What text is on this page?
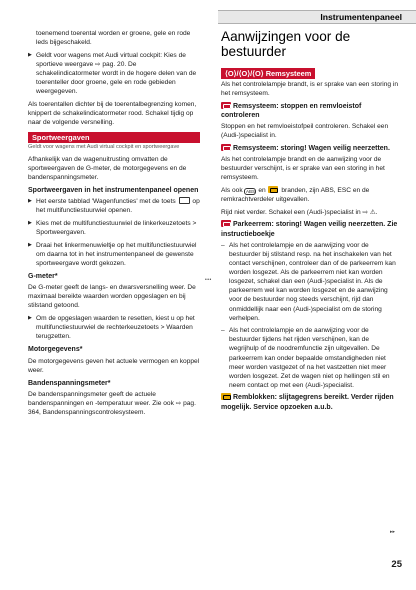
Instrumentenpaneel

toenemend toerental worden er groene, gele en rode leds bijgeschakeld.

▶ Geldt voor wagens met Audi virtual cockpit: Kies de sportieve weergave ⇨ pag. 20. De schakelindicatormeter wordt in de hogere delen van de toerenteller door groene, gele en rode gebieden weergegeven.

Als toerentallen dichter bij de toerentalbegrenzing komen, knippert de schakelindicatormeter rood. Schakel tijdig op naar de volgende versnelling.

Sportweergaven

Geldt voor wagens met Audi virtual cockpit en sportweergave

Afhankelijk van de wagenuitrusting omvatten de sportweergaven de G-meter, de motorgegevens en de bandenspanningsmeter.

Sportweergaven in het instrumentenpaneel openen

▶ Het eerste tabblad 'Wagenfuncties' met de toets	op het multifunctiestuurwiel openen.

▶ Kies met de multifunctiestuurwiel de linkerkeuzetoets > Sportweergaven.

▶ Draai het linkermenuwieltje op het multifunctiestuurwiel om daarna tot in het instrumentenpaneel de gewenste sportweergave wordt gekozen.

G-meter*

De G-meter geeft de langs- en dwarsversnelling weer. De maximaal bereikte waarden worden opgeslagen en bij stilstand getoond.

▶ Om de opgeslagen waarden te resetten, kiest u op het multifunctiestuurwiel de rechterkeuzetoets > Waarden terugzetten.

Motorgegevens*

De motorgegevens geven het actuele vermogen en koppel weer.

Bandenspanningsmeter*

De bandenspanningsmeter geeft de actuele bandenspanningen en -temperatuur weer. Zie ook ⇨ pag. 364, Bandenspanningscontrolesysteem.

•••
Aanwijzingen voor de bestuurder
⟨O⟩/⟨O⟩/⟨O⟩ Remsysteem

Als het controlelampje brandt, is er sprake van een storing in het remsysteem.

Remsysteem: stoppen en remvloeistof controleren

Stoppen en het remvloeistofpeil controleren. Schakel een (Audi-)specialist in.

Remsysteem: storing! Wagen veilig neerzetten.

Als het controlelampje brandt en de aanwijzing voor de bestuurder verschijnt, is er sprake van een storing in het remsysteem.

Als ook ABS en branden, zijn ABS, ESC en de remkrachtverdeler uitgevallen.

Rijd niet verder. Schakel een (Audi-)specialist in ⇨ ⚠.

Parkeerrem: storing! Wagen veilig neerzetten. Zie instructieboekje

– Als het controlelampje en de aanwijzing voor de bestuurder bij stilstand resp. na het inschakelen van het contact verschijnen, controleer dan of de parkeerrem kan worden losgezet. Als de parkeerrem niet kan worden losgezet, schakel dan een (Audi-)specialist in. Als de parkeerrem wel kan worden losgezet en de aanwijzing voor de bestuurder nog steeds verschijnt, rijd dan onmiddellijk naar een (Audi-)specialist om de storing verhelpen.

– Als het controlelampje en de aanwijzing voor de bestuurder tijdens het rijden verschijnen, kan de wegrijhulp of de noodremfunctie zijn uitgevallen. De parkeerrem kan onder bepaalde omstandigheden niet meer worden vastgezet of na het vastzetten niet meer worden losgezet. Zet de wagen niet op hellingen stil en neem contact op met een (Audi-)specialist.

Remblokken: slijtagegrens bereikt. Verder rijden mogelijk. Service opzoeken a.u.b.
▸▸
25
